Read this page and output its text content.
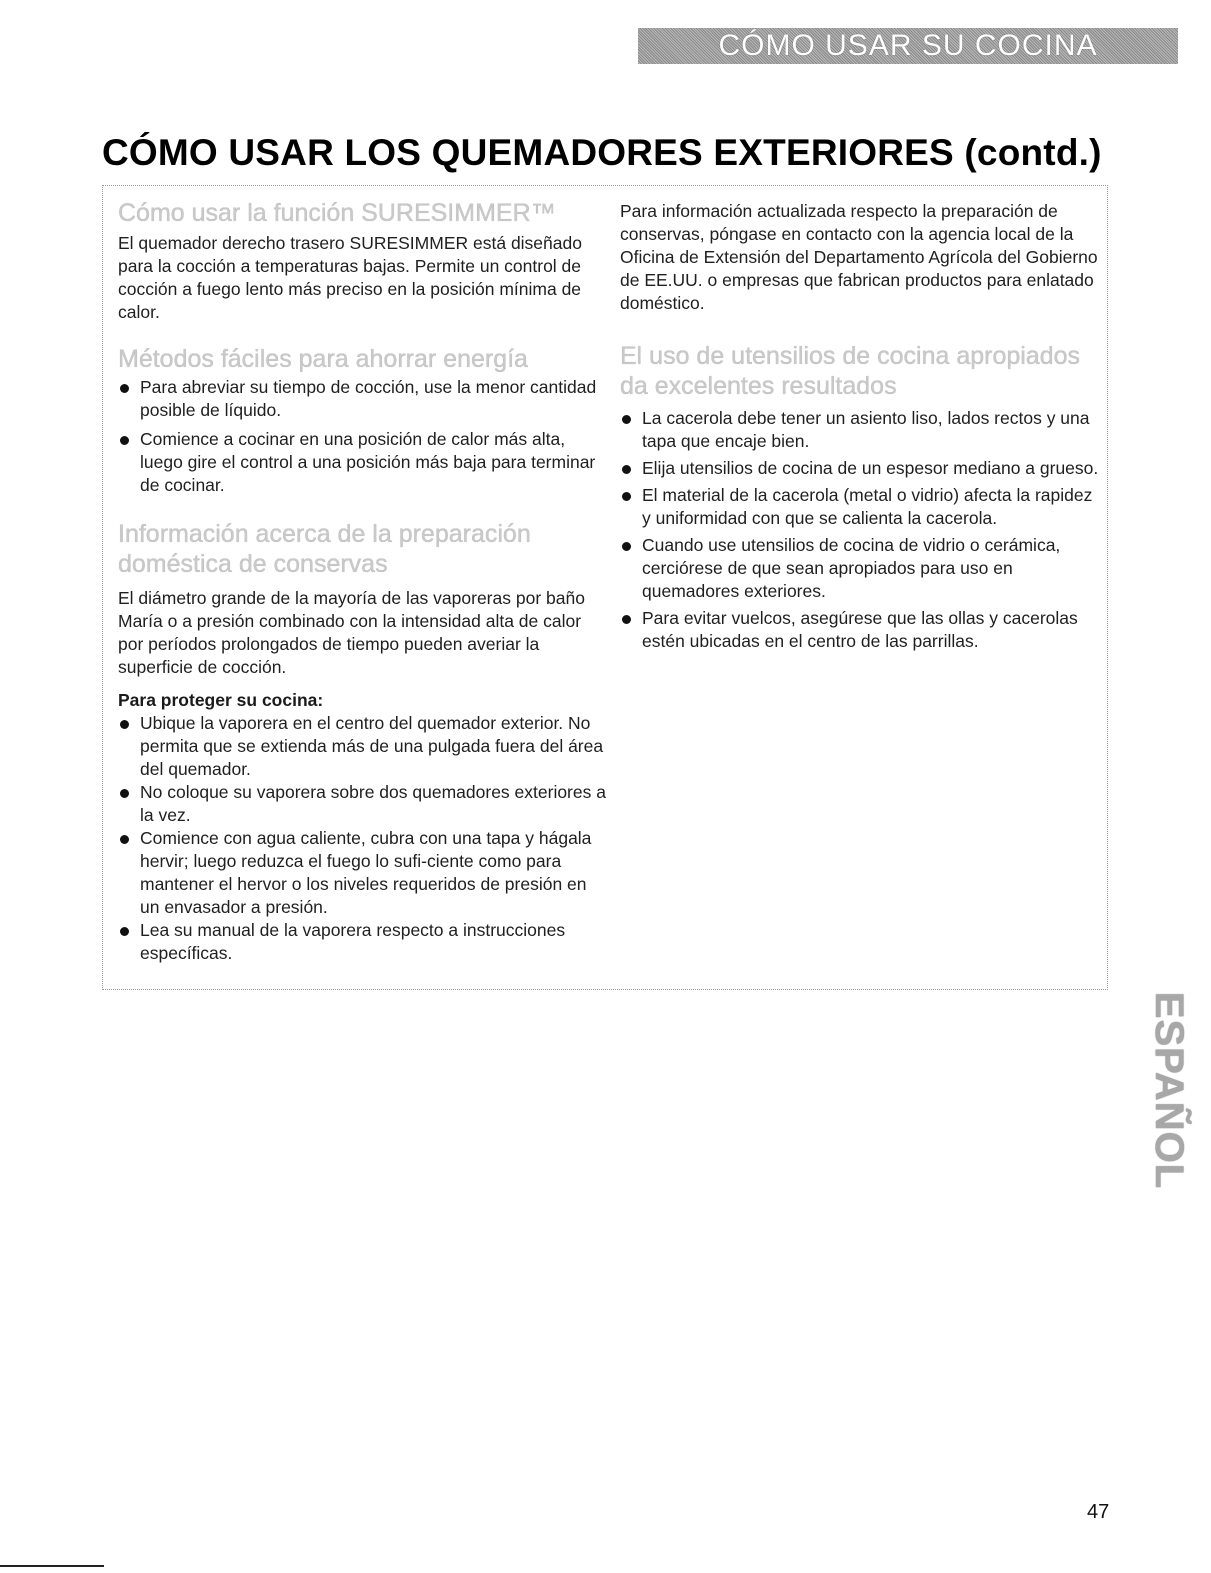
CÓMO USAR SU COCINA
CÓMO USAR LOS QUEMADORES EXTERIORES (contd.)
Cómo usar la función SURESIMMER™

El quemador derecho trasero SURESIMMER está diseñado para la cocción a temperaturas bajas. Permite un control de cocción a fuego lento más preciso en la posición mínima de calor.

Métodos fáciles para ahorrar energía
Para abreviar su tiempo de cocción, use la menor cantidad posible de líquido.
Comience a cocinar en una posición de calor más alta, luego gire el control a una posición más baja para terminar de cocinar.
Información acerca de la preparación doméstica de conservas

El diámetro grande de la mayoría de las vaporeras por baño María o a presión combinado con la intensidad alta de calor por períodos prolongados de tiempo pueden averiar la superficie de cocción.

Para proteger su cocina:

Ubique la vaporera en el centro del quemador exterior. No permita que se extienda más de una pulgada fuera del área del quemador.
No coloque su vaporera sobre dos quemadores exteriores a la vez.
Comience con agua caliente, cubra con una tapa y hágala hervir; luego reduzca el fuego lo sufi-ciente como para mantener el hervor o los niveles requeridos de presión en un envasador a presión.
Lea su manual de la vaporera respecto a instrucciones específicas.

Para información actualizada respecto la preparación de conservas, póngase en contacto con la agencia local de la Oficina de Extensión del Departamento Agrícola del Gobierno de EE.UU. o empresas que fabrican productos para enlatado doméstico.

El uso de utensilios de cocina apropiados da excelentes resultados
La cacerola debe tener un asiento liso, lados rectos y una tapa que encaje bien.
Elija utensilios de cocina de un espesor mediano a grueso.
El material de la cacerola (metal o vidrio) afecta la rapidez y uniformidad con que se calienta la cacerola.
Cuando use utensilios de cocina de vidrio o cerámica, cerciórese de que sean apropiados para uso en quemadores exteriores.
Para evitar vuelcos, asegúrese que las ollas y cacerolas estén ubicadas en el centro de las parrillas.
ESPAÑOL

47
